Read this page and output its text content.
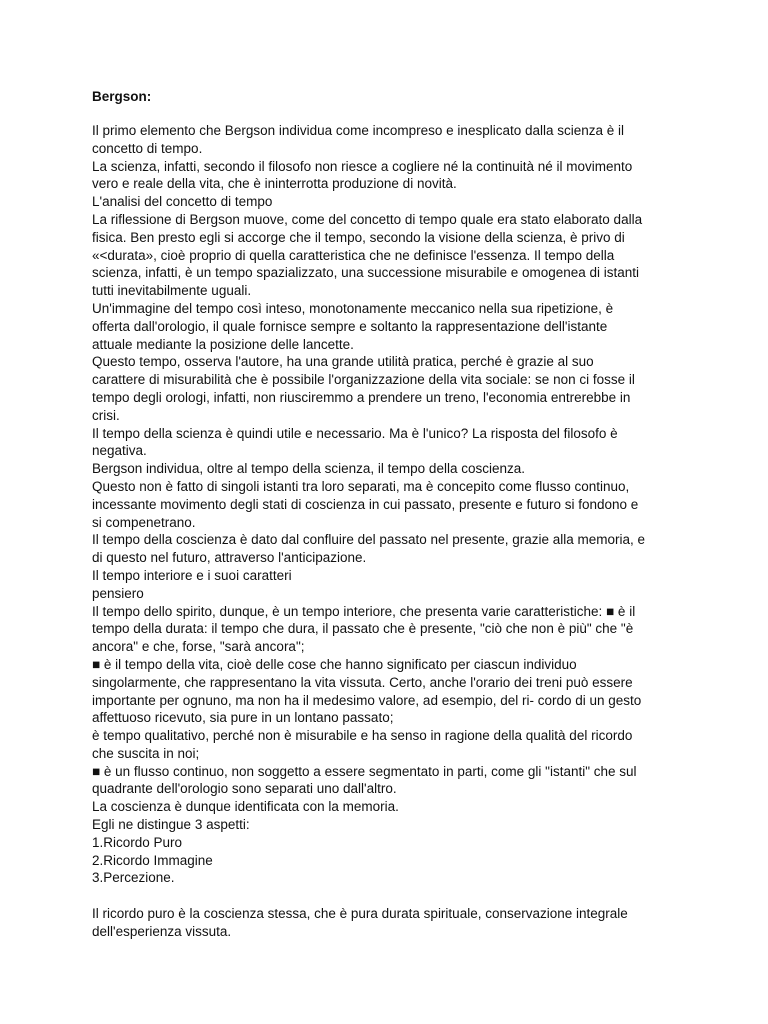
Bergson:
Il primo elemento che Bergson individua come incompreso e inesplicato dalla scienza è il
concetto di tempo.
La scienza, infatti, secondo il filosofo non riesce a cogliere né la continuità né il movimento
vero e reale della vita, che è ininterrotta produzione di novità.
L'analisi del concetto di tempo
La riflessione di Bergson muove, come del concetto di tempo quale era stato elaborato dalla
fisica. Ben presto egli si accorge che il tempo, secondo la visione della scienza, è privo di
«<durata», cioè proprio di quella caratteristica che ne definisce l'essenza. Il tempo della
scienza, infatti, è un tempo spazializzato, una successione misurabile e omogenea di istanti
tutti inevitabilmente uguali.
Un'immagine del tempo così inteso, monotonamente meccanico nella sua ripetizione, è
offerta dall'orologio, il quale fornisce sempre e soltanto la rappresentazione dell'istante
attuale mediante la posizione delle lancette.
Questo tempo, osserva l'autore, ha una grande utilità pratica, perché è grazie al suo
carattere di misurabilità che è possibile l'organizzazione della vita sociale: se non ci fosse il
tempo degli orologi, infatti, non riusciremmo a prendere un treno, l'economia entrerebbe in
crisi.
Il tempo della scienza è quindi utile e necessario. Ma è l'unico? La risposta del filosofo è
negativa.
Bergson individua, oltre al tempo della scienza, il tempo della coscienza.
Questo non è fatto di singoli istanti tra loro separati, ma è concepito come flusso continuo,
incessante movimento degli stati di coscienza in cui passato, presente e futuro si fondono e
si compenetrano.
Il tempo della coscienza è dato dal confluire del passato nel presente, grazie alla memoria, e
di questo nel futuro, attraverso l'anticipazione.
Il tempo interiore e i suoi caratteri
pensiero
Il tempo dello spirito, dunque, è un tempo interiore, che presenta varie caratteristiche: ■ è il
tempo della durata: il tempo che dura, il passato che è presente, "ciò che non è più" che "è
ancora" e che, forse, "sarà ancora";
■ è il tempo della vita, cioè delle cose che hanno significato per ciascun individuo
singolarmente, che rappresentano la vita vissuta. Certo, anche l'orario dei treni può essere
importante per ognuno, ma non ha il medesimo valore, ad esempio, del ri- cordo di un gesto
affettuoso ricevuto, sia pure in un lontano passato;
è tempo qualitativo, perché non è misurabile e ha senso in ragione della qualità del ricordo
che suscita in noi;
■ è un flusso continuo, non soggetto a essere segmentato in parti, come gli "istanti" che sul
quadrante dell'orologio sono separati uno dall'altro.
La coscienza è dunque identificata con la memoria.
Egli ne distingue 3 aspetti:
1.Ricordo Puro
2.Ricordo Immagine
3.Percezione.
Il ricordo puro è la coscienza stessa, che è pura durata spirituale, conservazione integrale
dell'esperienza vissuta.
